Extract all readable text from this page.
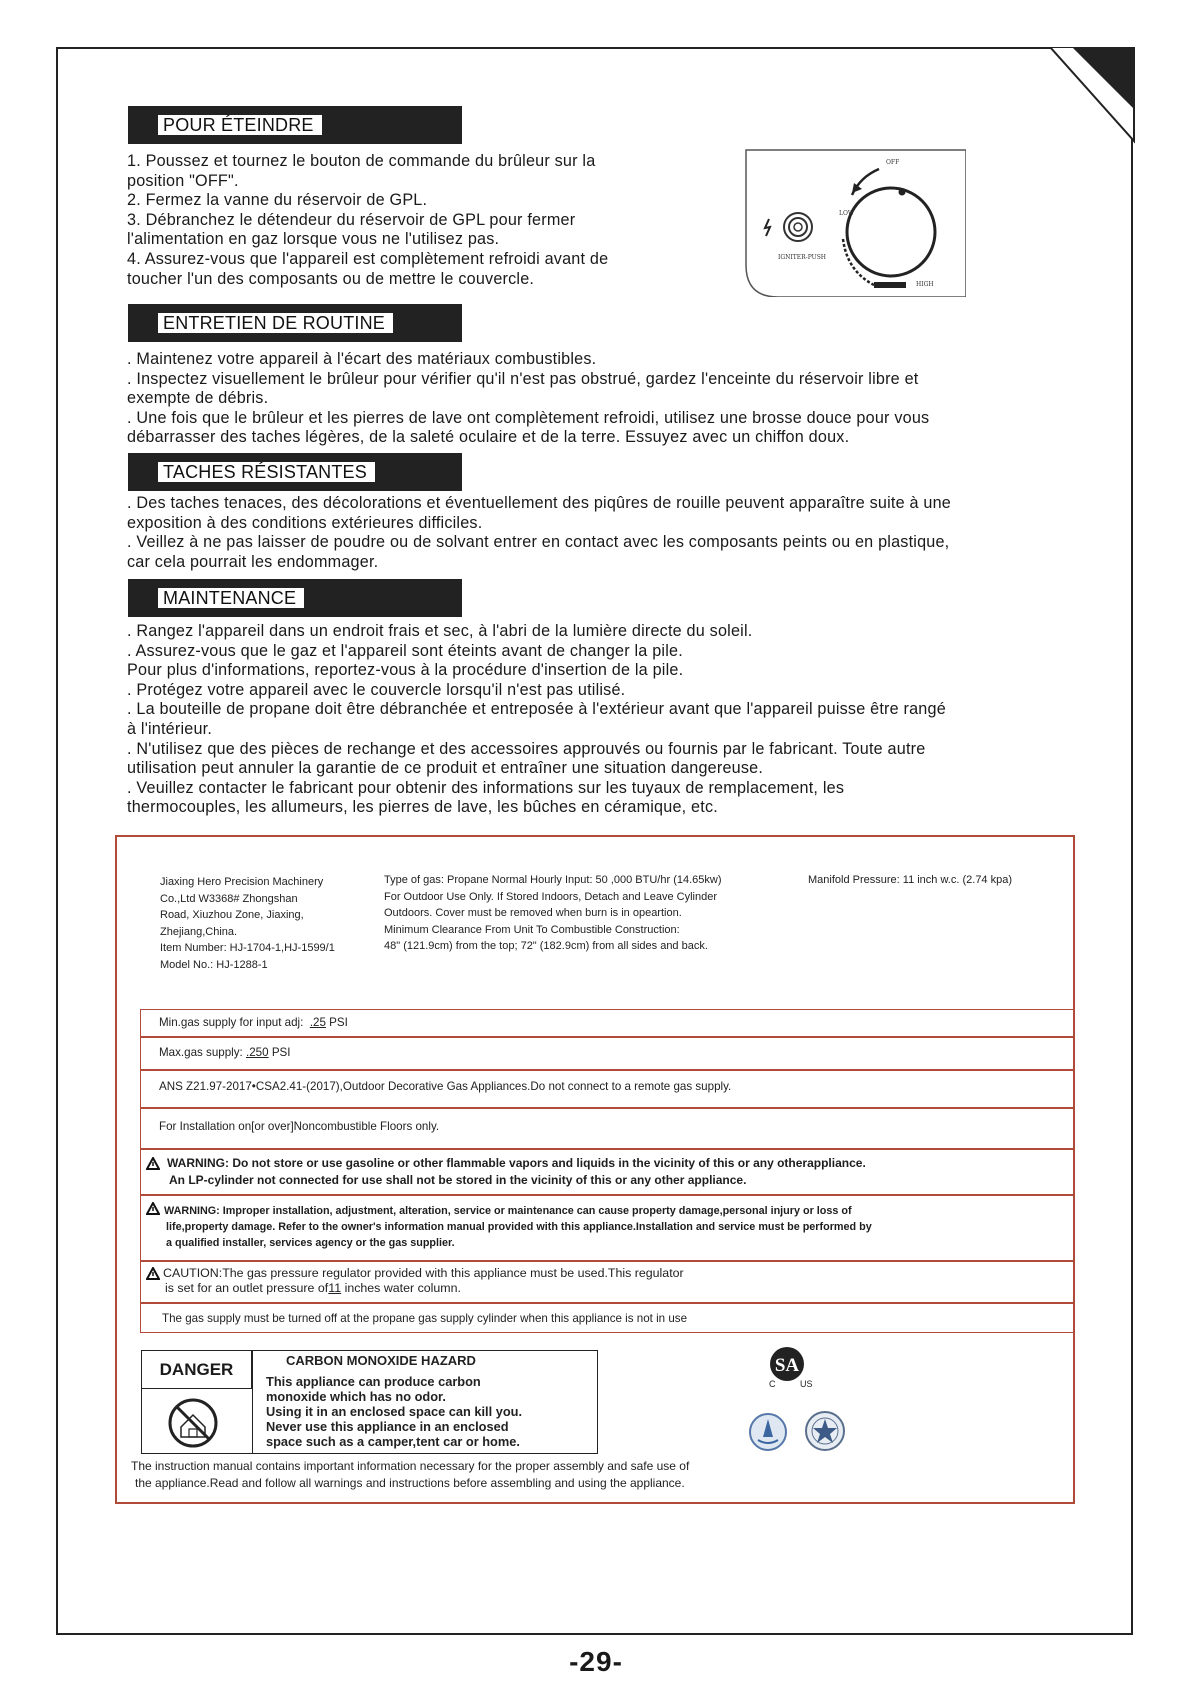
POUR ÉTEINDRE
1. Poussez et tournez le bouton de commande du brûleur sur la
position "OFF".
2. Fermez la vanne du réservoir de GPL.
3. Débranchez le détendeur du réservoir de GPL pour fermer
l'alimentation en gaz lorsque vous ne l'utilisez pas.
4. Assurez-vous que l'appareil est complètement refroidi avant de
toucher l'un des composants ou de mettre le couvercle.
OFF
LOW
HIGH
IGNITER-PUSH
ENTRETIEN DE ROUTINE
. Maintenez votre appareil à l'écart des matériaux combustibles.
. Inspectez visuellement le brûleur pour vérifier qu'il n'est pas obstrué, gardez l'enceinte du réservoir libre et
exempte de débris.
. Une fois que le brûleur et les pierres de lave ont complètement refroidi, utilisez une brosse douce pour vous
débarrasser des taches légères, de la saleté oculaire et de la terre. Essuyez avec un chiffon doux.
TACHES RÉSISTANTES
. Des taches tenaces, des décolorations et éventuellement des piqûres de rouille peuvent apparaître suite à une
exposition à des conditions extérieures difficiles.
. Veillez à ne pas laisser de poudre ou de solvant entrer en contact avec les composants peints ou en plastique,
car cela pourrait les endommager.
MAINTENANCE
. Rangez l'appareil dans un endroit frais et sec, à l'abri de la lumière directe du soleil.
. Assurez-vous que le gaz et l'appareil sont éteints avant de changer la pile.
Pour plus d'informations, reportez-vous à la procédure d'insertion de la pile.
. Protégez votre appareil avec le couvercle lorsqu'il n'est pas utilisé.
. La bouteille de propane doit être débranchée et entreposée à l'extérieur avant que l'appareil puisse être rangé
à l'intérieur.
. N'utilisez que des pièces de rechange et des accessoires approuvés ou fournis par le fabricant. Toute autre
utilisation peut annuler la garantie de ce produit et entraîner une situation dangereuse.
. Veuillez contacter le fabricant pour obtenir des informations sur les tuyaux de remplacement, les
thermocouples, les allumeurs, les pierres de lave, les bûches en céramique, etc.
Jiaxing Hero Precision Machinery
Co.,Ltd W3368# Zhongshan
Road, Xiuzhou Zone, Jiaxing,
Zhejiang,China.
Item Number: HJ-1704-1,HJ-1599/1
Model No.: HJ-1288-1
Type of gas: Propane Normal Hourly Input: 50 ,000 BTU/hr (14.65kw)
For Outdoor Use Only. If Stored Indoors, Detach and Leave Cylinder
Outdoors. Cover must be removed when burn is in opeartion.
Minimum Clearance From Unit To Combustible Construction:
48" (121.9cm) from the top; 72" (182.9cm) from all sides and back.
Manifold Pressure: 11 inch w.c. (2.74 kpa)
Min.gas supply for input adj: .25 PSI
Max.gas supply: .250 PSI
ANS Z21.97-2017•CSA2.41-(2017),Outdoor Decorative Gas Appliances.Do not connect to a remote gas supply.
For Installation on[or over]Noncombustible Floors only.
WARNING: Do not store or use gasoline or other flammable vapors and liquids in the vicinity of this or any otherappliance.
An LP-cylinder not connected for use shall not be stored in the vicinity of this or any other appliance.
WARNING: Improper installation, adjustment, alteration, service or maintenance can cause property damage,personal injury or loss of
life,property damage. Refer to the owner's information manual provided with this appliance.Installation and service must be performed by
a qualified installer, services agency or the gas supplier.
CAUTION:The gas pressure regulator provided with this appliance must be used.This regulator
is set for an outlet pressure of11 inches water column.
The gas supply must be turned off at the propane gas supply cylinder when this appliance is not in use
DANGER	CARBON MONOXIDE HAZARD
This appliance can produce carbon
monoxide which has no odor.
Using it in an enclosed space can kill you.
Never use this appliance in an enclosed
space such as a camper,tent car or home.
SA
C	US
The instruction manual contains important information necessary for the proper assembly and safe use of
the appliance.Read and follow all warnings and instructions before assembling and using the appliance.
-29-
